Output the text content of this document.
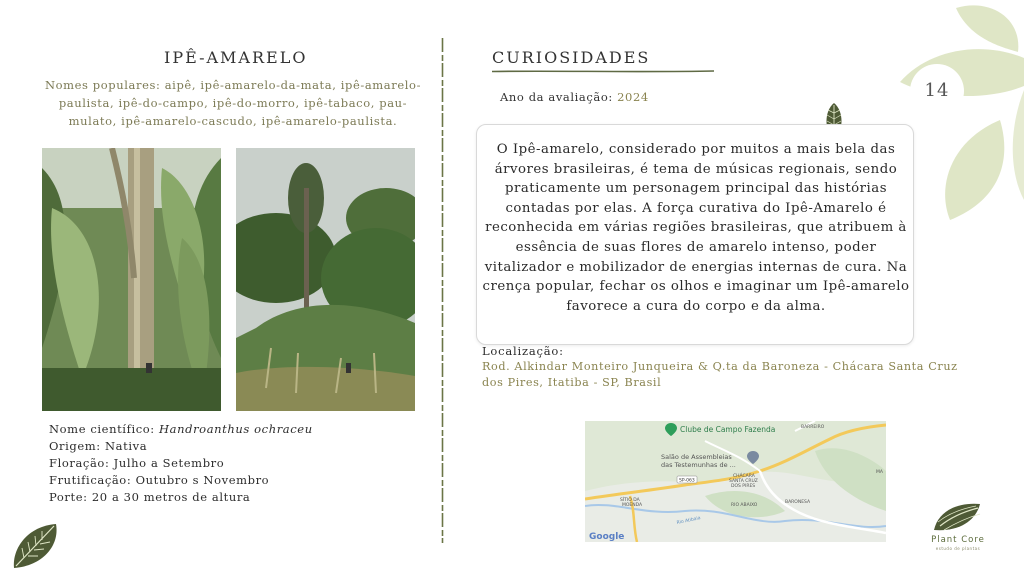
IPÊ-AMARELO
Nomes populares: aipê, ipê-amarelo-da-mata, ipê-amarelo-paulista, ipê-do-campo, ipê-do-morro, ipê-tabaco, pau-mulato, ipê-amarelo-cascudo, ipê-amarelo-paulista.
Nome científico: Handroanthus ochraceu
Origem: Nativa
Floração: Julho a Setembro
Frutificação: Outubro s Novembro
Porte: 20 a 30 metros de altura
CURIOSIDADES
Ano da avaliação: 2024
O Ipê-amarelo, considerado por muitos a mais bela das árvores brasileiras, é tema de músicas regionais, sendo praticamente um personagem principal das histórias contadas por elas. A força curativa do Ipê-Amarelo é reconhecida em várias regiões brasileiras, que atribuem à essência de suas flores de amarelo intenso, poder vitalizador e mobilizador de energias internas de cura. Na crença popular, fechar os olhos e imaginar um Ipê-amarelo favorece a cura do corpo e da alma.
Localização:
Rod. Alkindar Monteiro Junqueira & Q.ta da Baroneza - Chácara Santa Cruz dos Pires, Itatiba - SP, Brasil
14
Clube de Campo Fazenda	BARREIRO
Salão de Assembleias
das Testemunhas de ...
SP-063
CHÁCARA
SANTA CRUZ
DOS PIRES
SÍTIO DA
MOENDA	RIO ABAIXO
BARONESA
Rio Atibaia
MA
Google	Plant Core
estudo de plantas
